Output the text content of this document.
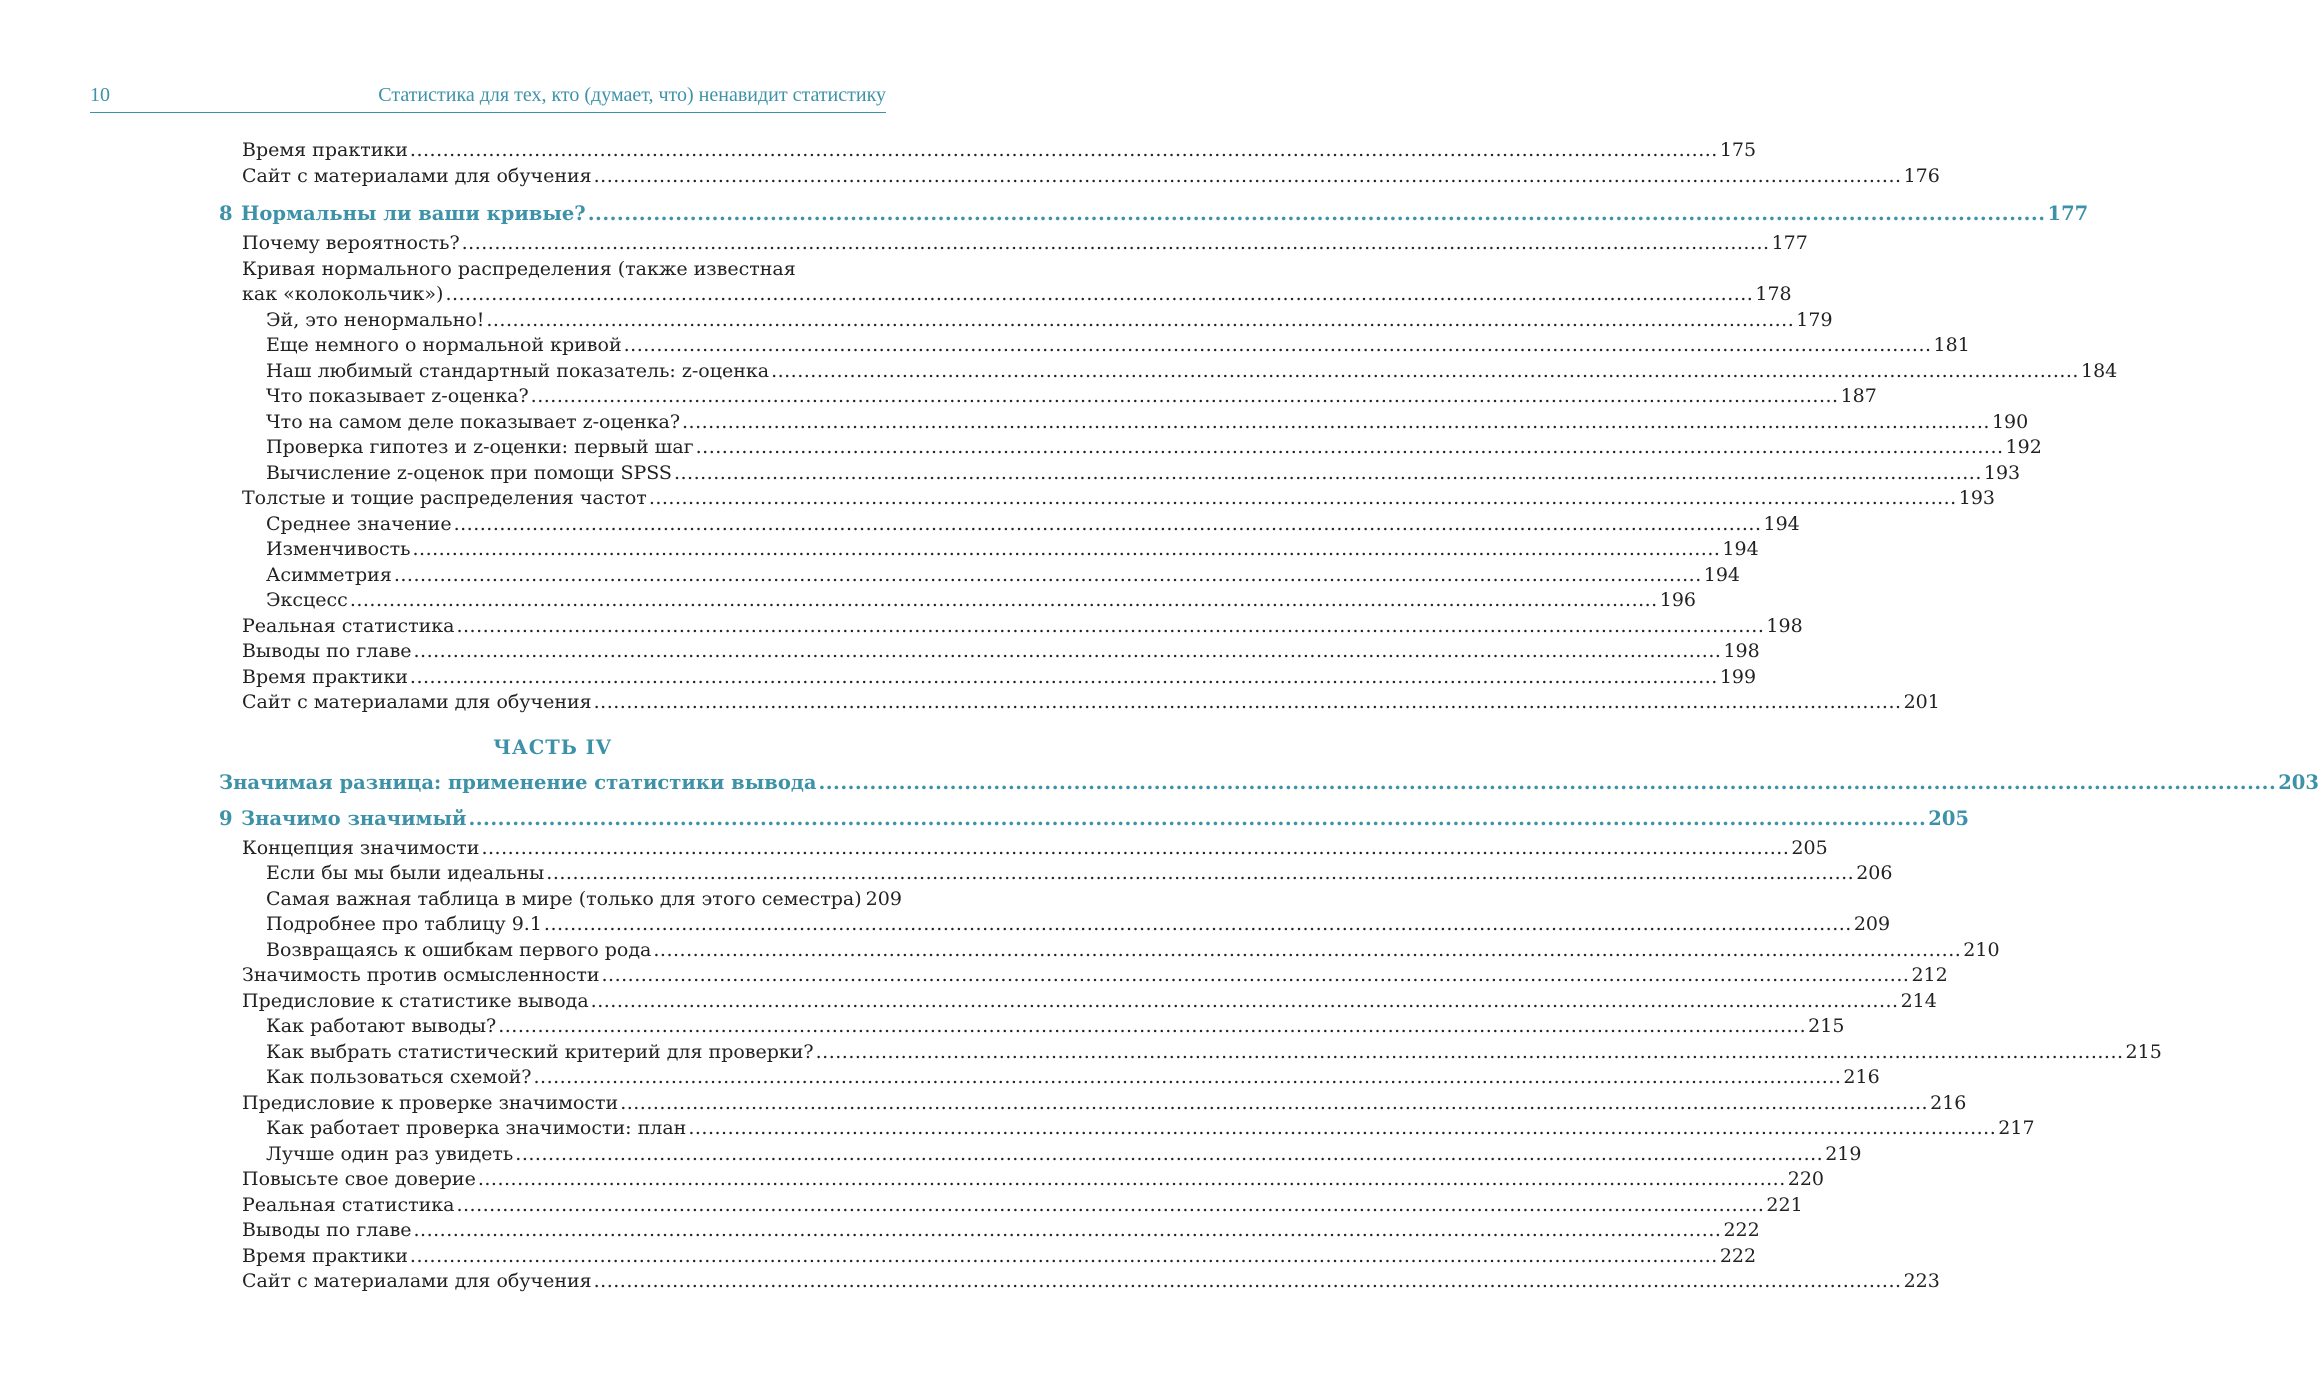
10	Статистика для тех, кто (думает, что) ненавидит статистику
Время практики .....	175
Сайт с материалами для обучения .....	176
8 Нормальны ли ваши кривые? .....	177
Почему вероятность? .....	177
Кривая нормального распределения (также известная
как «колокольчик») .....	178
Эй, это ненормально! .....	179
Еще немного о нормальной кривой .....	181
Наш любимый стандартный показатель: z-оценка .....	184
Что показывает z-оценка? .....	187
Что на самом деле показывает z-оценка? .....	190
Проверка гипотез и z-оценки: первый шаг .....	192
Вычисление z-оценок при помощи SPSS .....	193
Толстые и тощие распределения частот .....	193
Среднее значение .....	194
Изменчивость .....	194
Асимметрия .....	194
Эксцесс .....	196
Реальная статистика .....	198
Выводы по главе .....	198
Время практики .....	199
Сайт с материалами для обучения .....	201
ЧАСТЬ IV
Значимая разница: применение статистики вывода .....	203
9 Значимо значимый .....	205
Концепция значимости .....	205
Если бы мы были идеальны .....	206
Самая важная таблица в мире (только для этого семестра) 209
Подробнее про таблицу 9.1 .....	209
Возвращаясь к ошибкам первого рода .....	210
Значимость против осмысленности .....	212
Предисловие к статистике вывода .....	214
Как работают выводы? .....	215
Как выбрать статистический критерий для проверки? .....	215
Как пользоваться схемой? .....	216
Предисловие к проверке значимости .....	216
Как работает проверка значимости: план .....	217
Лучше один раз увидеть .....	219
Повысьте свое доверие .....	220
Реальная статистика .....	221
Выводы по главе .....	222
Время практики .....	222
Сайт с материалами для обучения .....	223
